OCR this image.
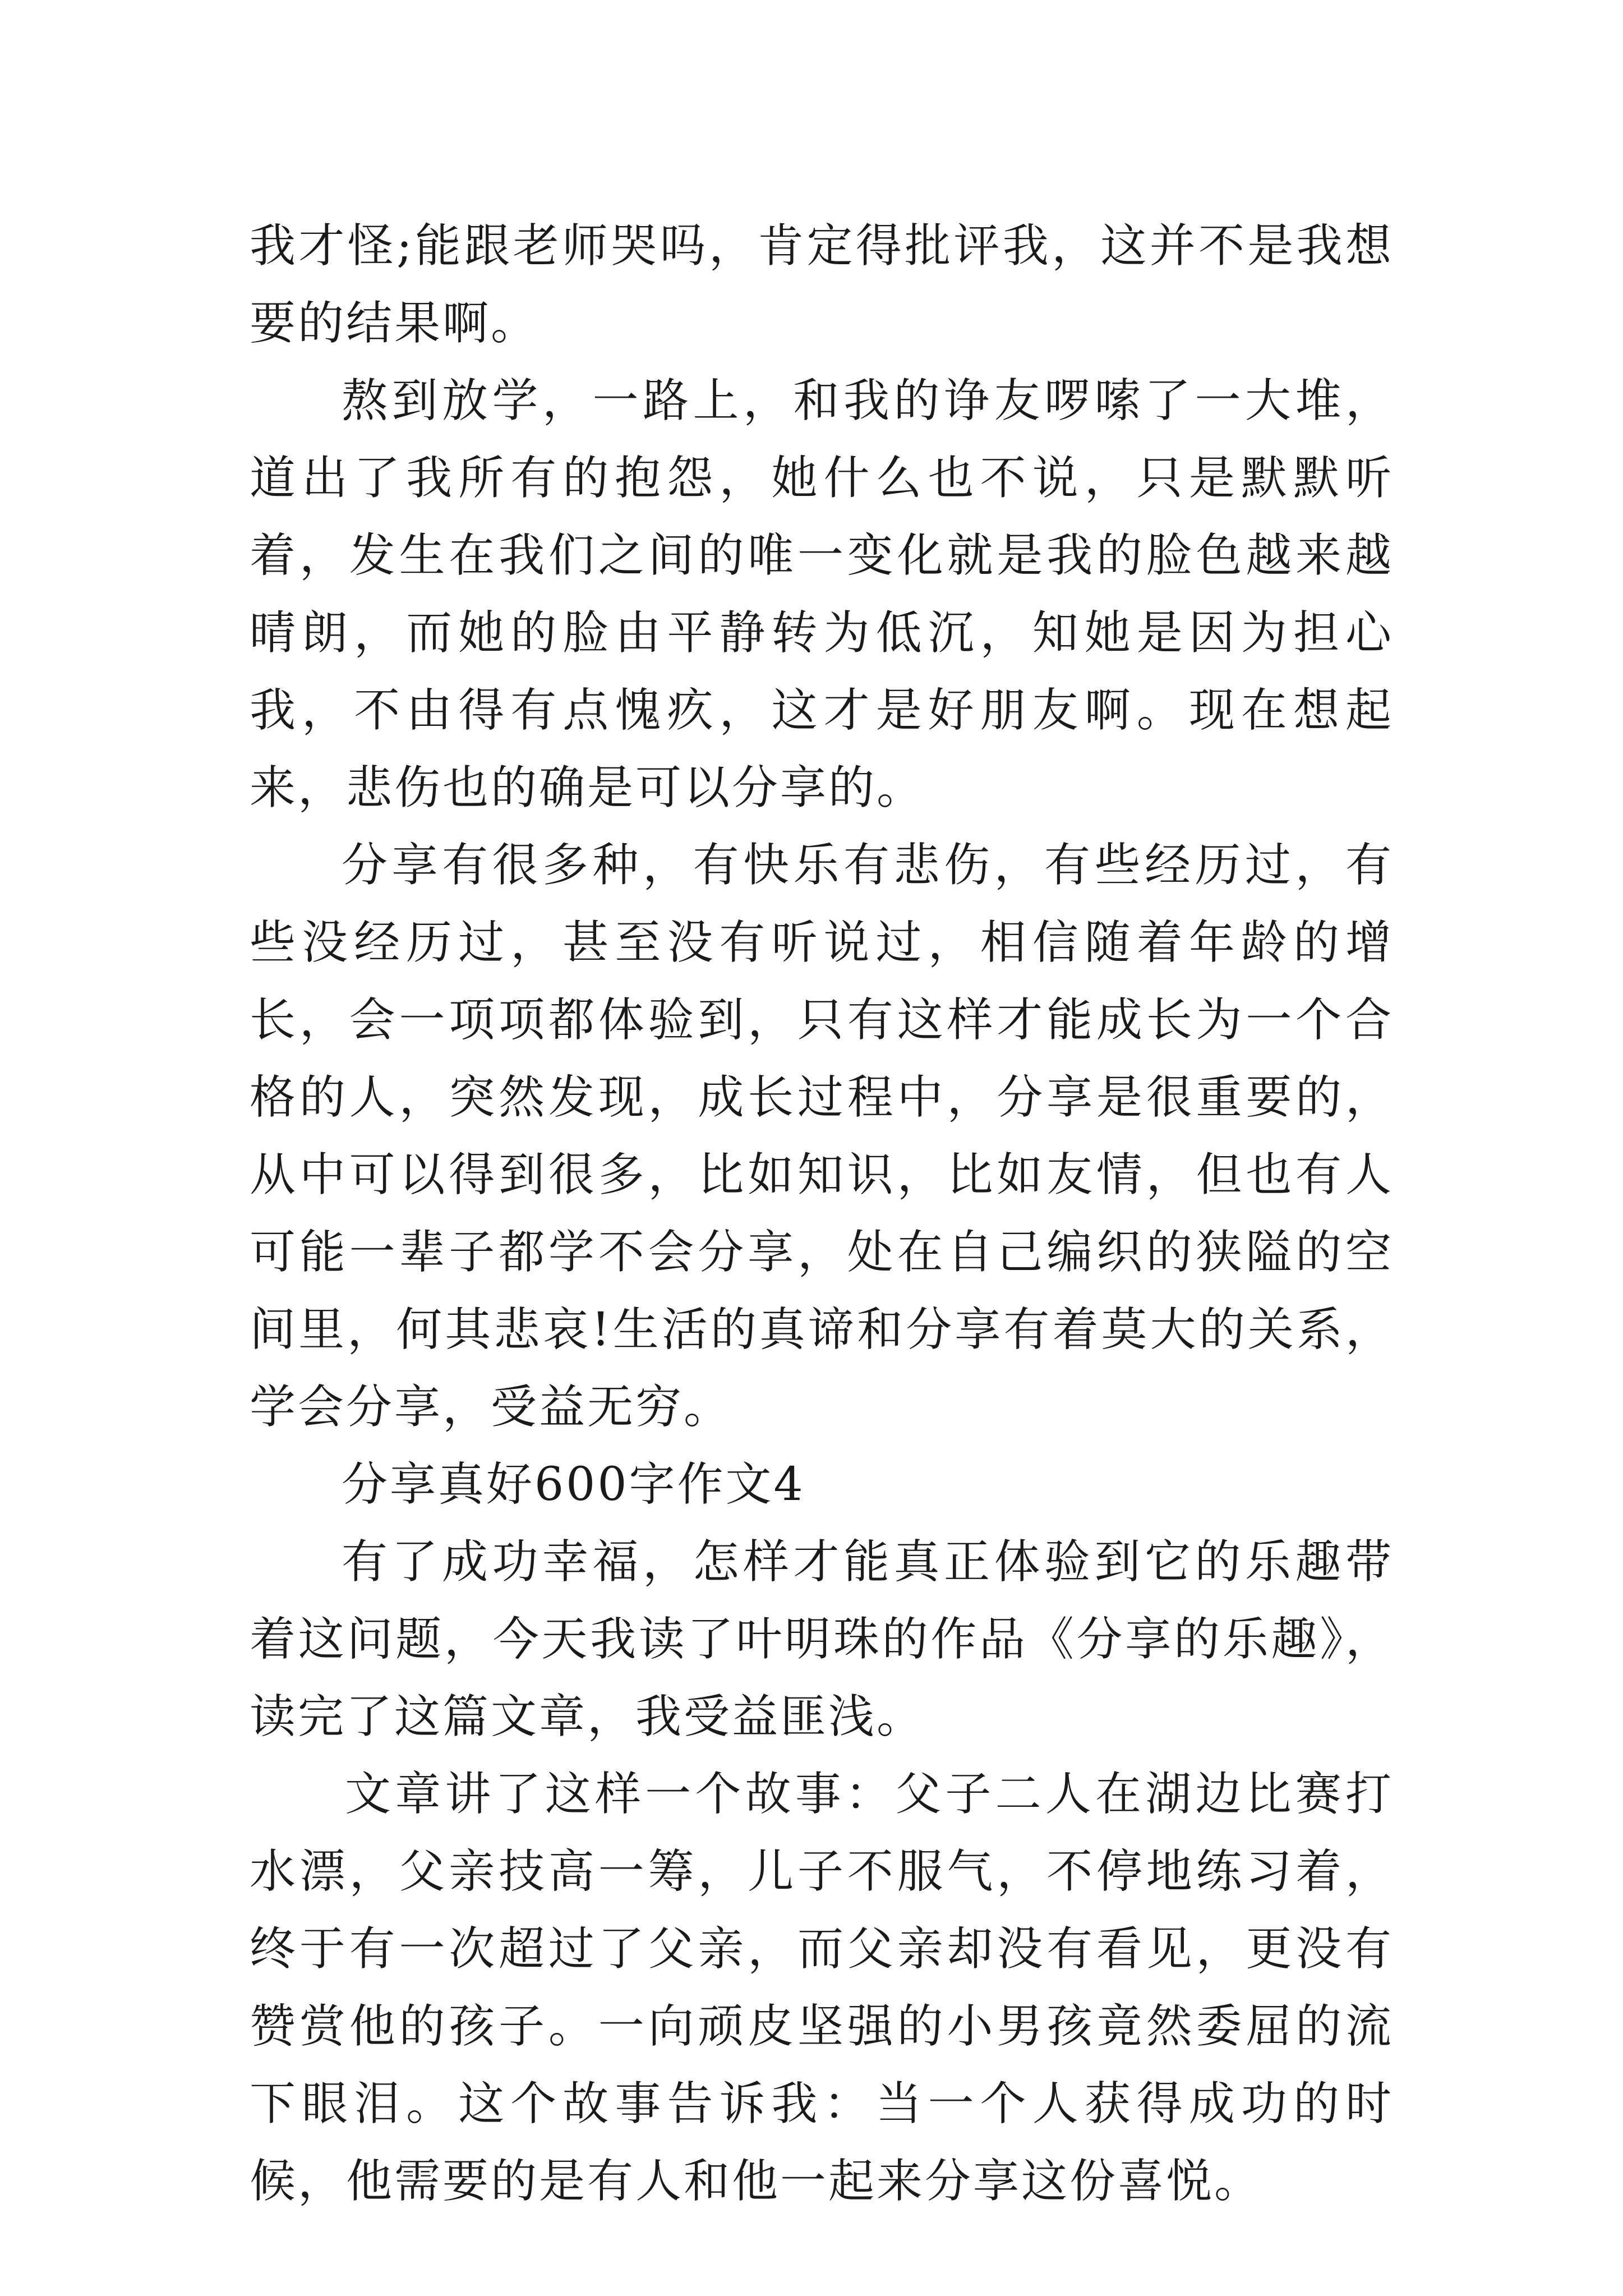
我才怪;能跟老师哭吗，肯定得批评我，这并不是我想要的结果啊。

熬到放学，一路上，和我的诤友啰嗦了一大堆，道出了我所有的抱怨，她什么也不说，只是默默听着，发生在我们之间的唯一变化就是我的脸色越来越晴朗，而她的脸由平静转为低沉，知她是因为担心我，不由得有点愧疚，这才是好朋友啊。现在想起来，悲伤也的确是可以分享的。

分享有很多种，有快乐有悲伤，有些经历过，有些没经历过，甚至没有听说过，相信随着年龄的增长，会一项项都体验到，只有这样才能成长为一个合格的人，突然发现，成长过程中，分享是很重要的，从中可以得到很多，比如知识，比如友情，但也有人可能一辈子都学不会分享，处在自己编织的狭隘的空间里，何其悲哀!生活的真谛和分享有着莫大的关系，学会分享，受益无穷。

分享真好600字作文4

有了成功幸福，怎样才能真正体验到它的乐趣带着这问题，今天我读了叶明珠的作品《分享的乐趣》，读完了这篇文章，我受益匪浅。

文章讲了这样一个故事：父子二人在湖边比赛打水漂，父亲技高一筹，儿子不服气，不停地练习着，终于有一次超过了父亲，而父亲却没有看见，更没有赞赏他的孩子。一向顽皮坚强的小男孩竟然委屈的流下眼泪。这个故事告诉我：当一个人获得成功的时候，他需要的是有人和他一起来分享这份喜悦。
